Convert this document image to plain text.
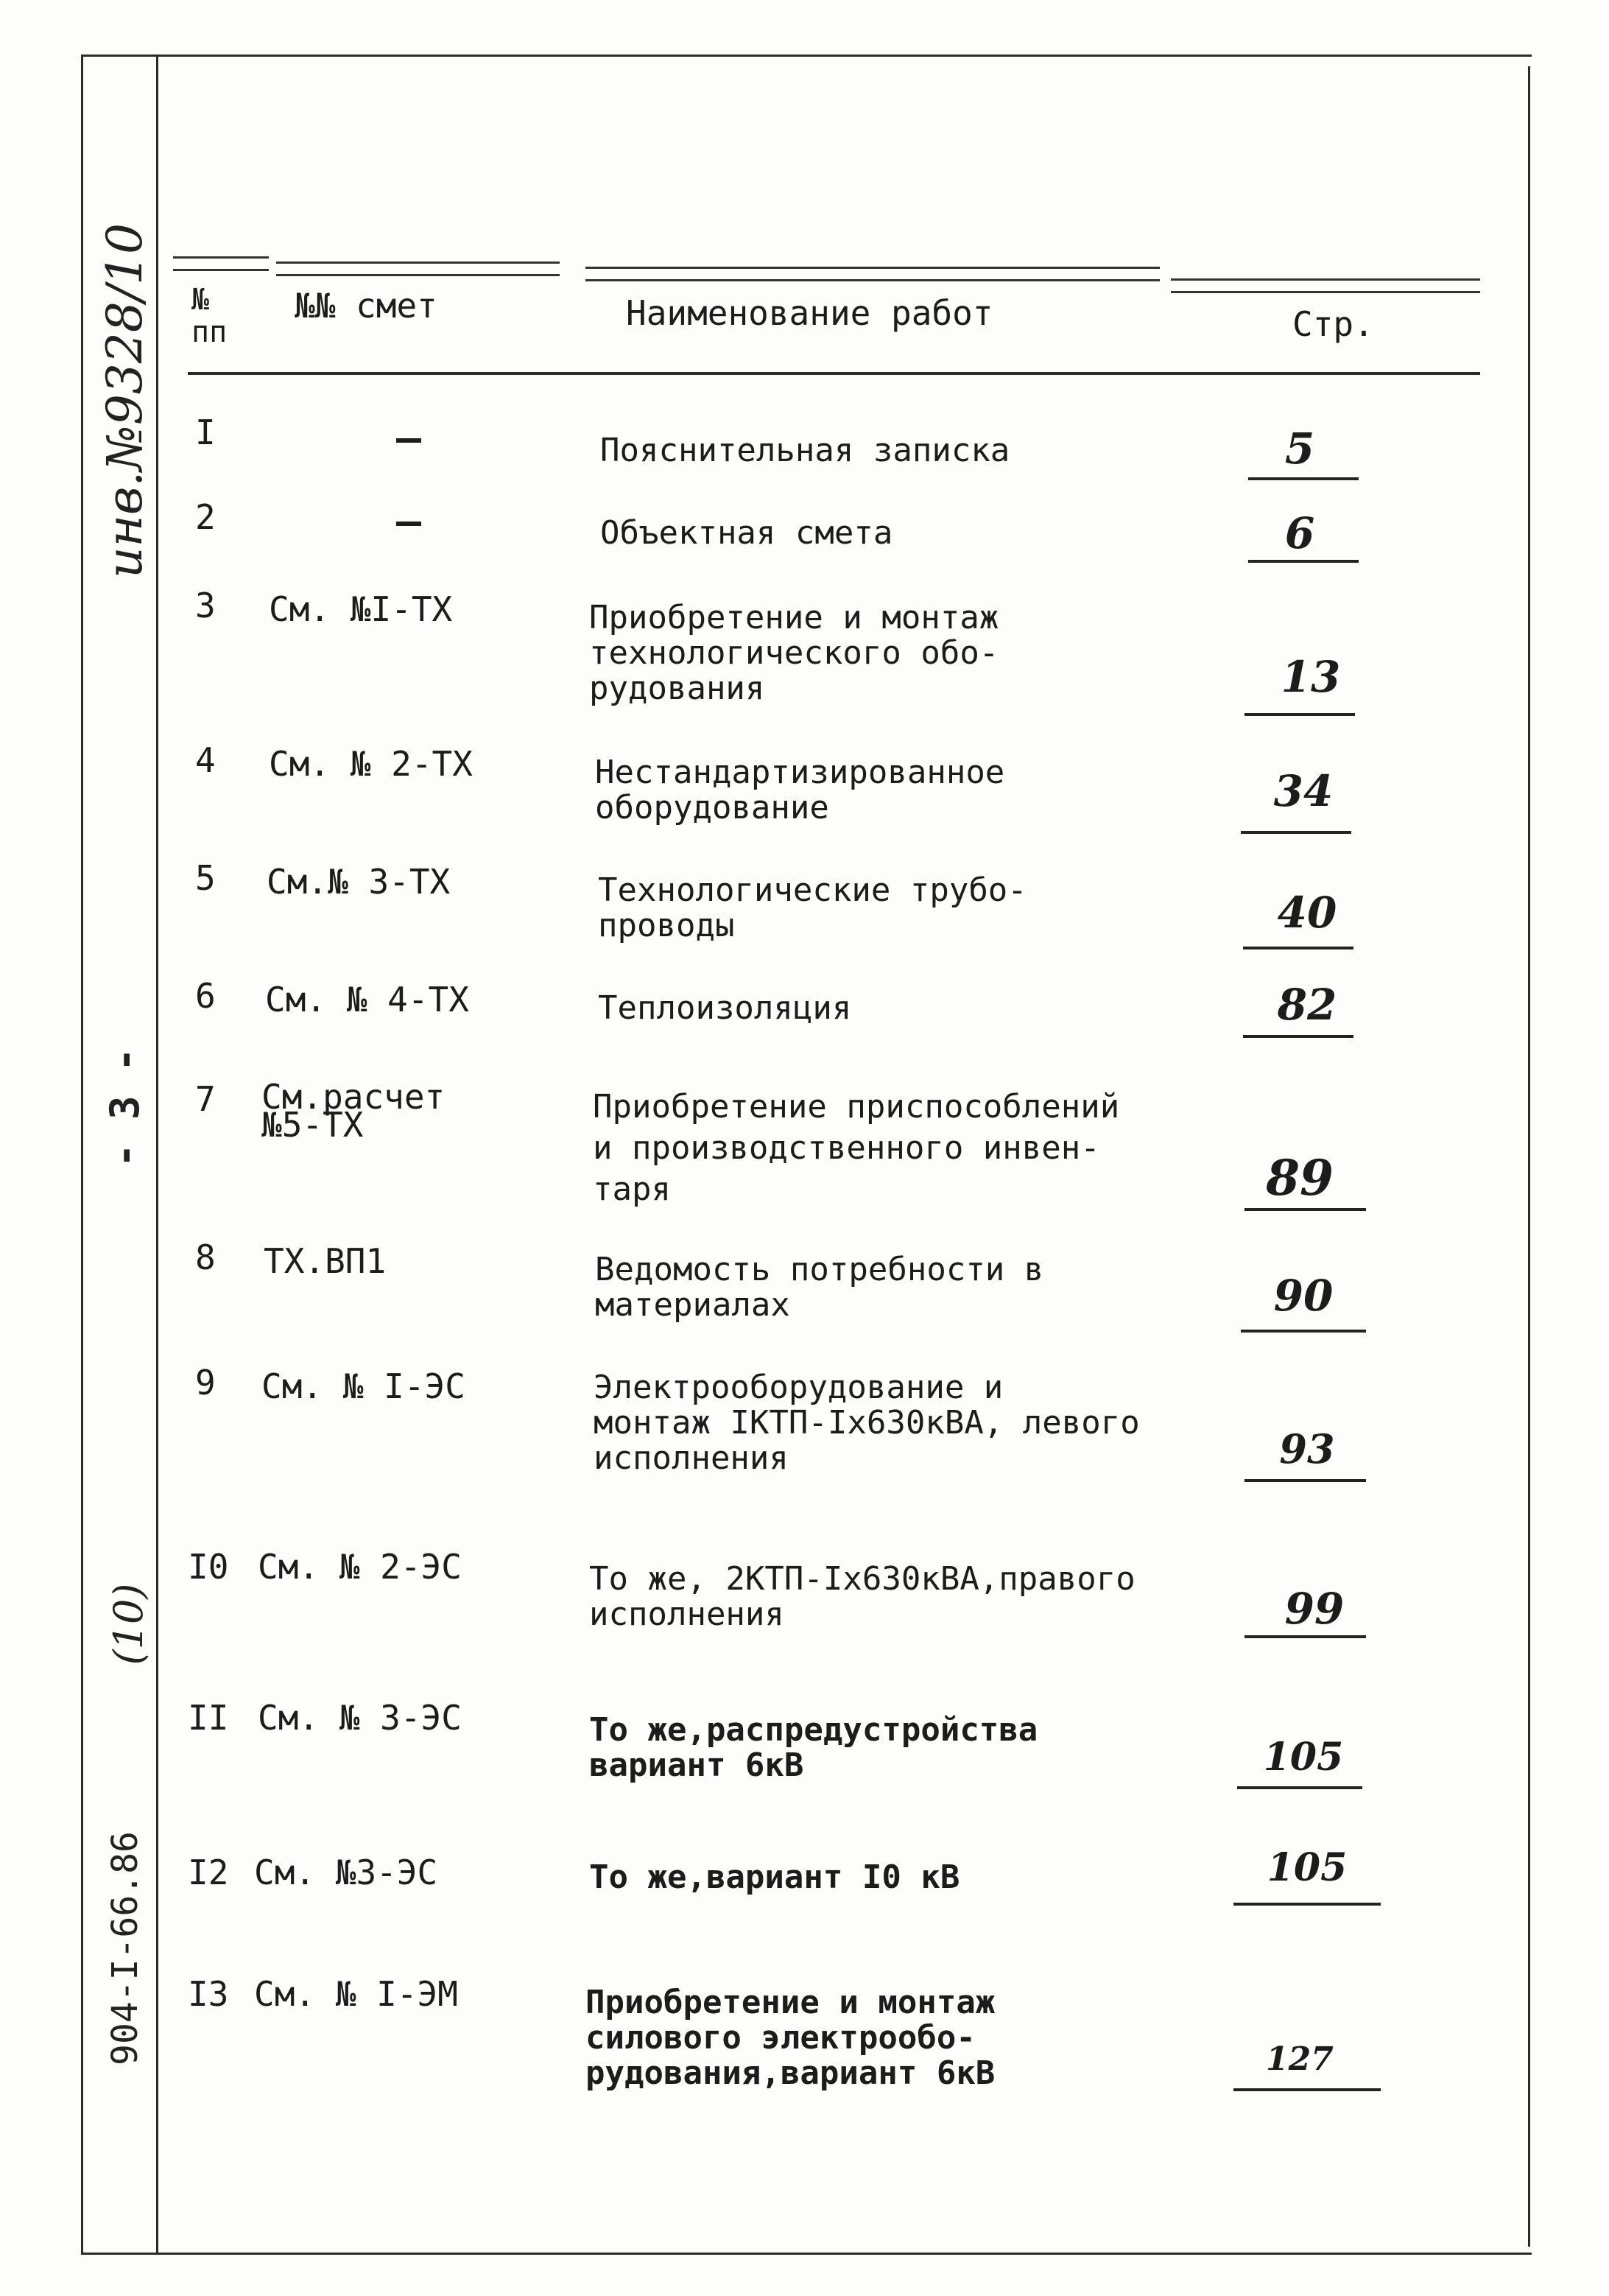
инв.№9328/10
- 3 -
(10)
904-I-66.86
№
пп
№№ смет	Наименование работ	Стр.
I	Пояснительная записка	5
2	Объектная смета	6
3	См. №I-ТХ	Приобретение и монтаж
технологического обо-
рудования	13
4	См. № 2-ТХ	Нестандартизированное
оборудование	34
5	См.№ 3-ТХ	Технологические трубо-
проводы	40
6	См. № 4-ТХ	Теплоизоляция	82
7	См.расчет
№5-ТХ	Приобретение приспособлений
и производственного инвен-
таря	89
8	ТХ.ВП1	Ведомость потребности в
материалах	90
9	См. № I-ЭС	Электрооборудование и
монтаж IКТП-Iх630кВА, левого
исполнения	93
I0 См. № 2-ЭС	То же, 2КТП-Iх630кВА,правого
исполнения	99
II См. № 3-ЭС	То же,распредустройства
вариант 6кВ	105
I2 См. №3-ЭС	То же,вариант I0 кВ	105
I3 См. № I-ЭМ	Приобретение и монтаж
силового электрообо-
рудования,вариант 6кВ	127
